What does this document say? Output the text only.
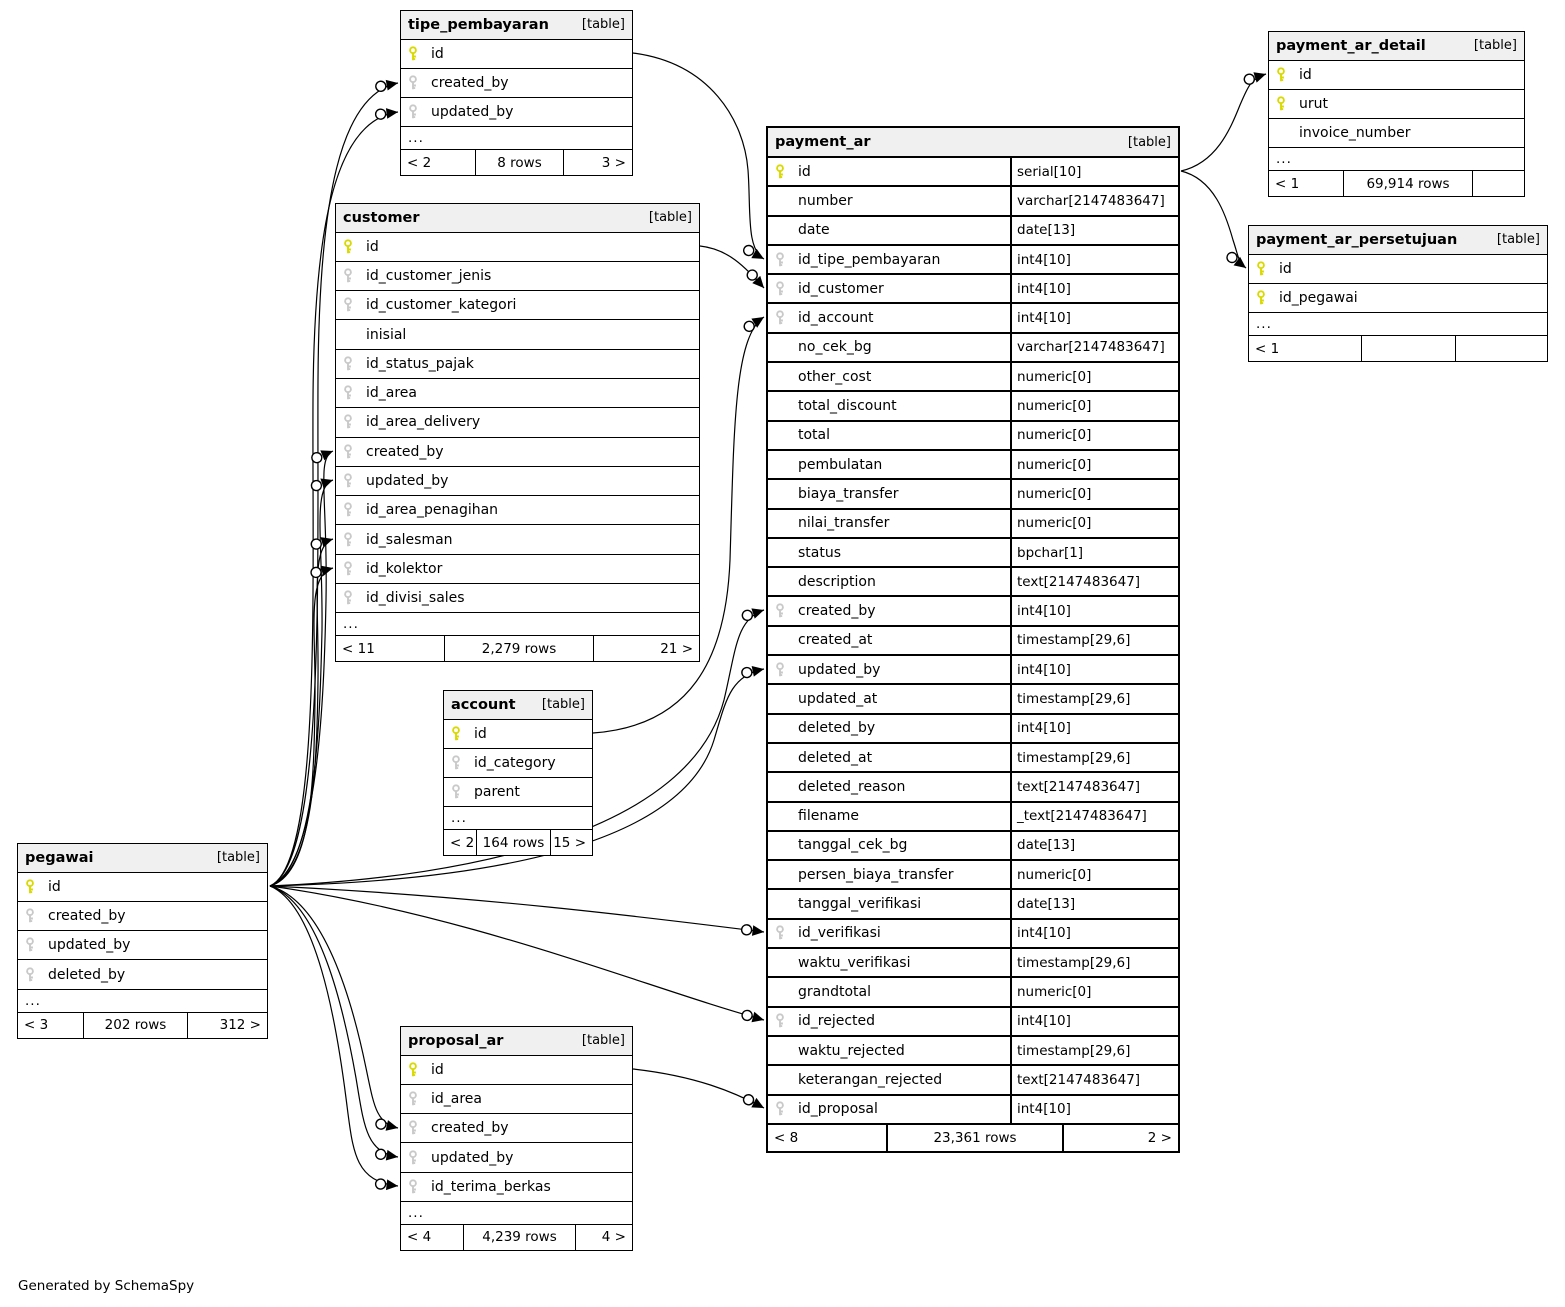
tipe_pembayaran	[table]
id
created_by
updated_by
...
< 2	8 rows	3 >
customer	[table]
id
id_customer_jenis
id_customer_kategori
inisial
id_status_pajak
id_area
id_area_delivery
created_by
updated_by
id_area_penagihan
id_salesman
id_kolektor
id_divisi_sales
...
< 11	2,279 rows	21 >
account [table]
id
id_category
parent
...
< 2 164 rows 15 >
pegawai	[table]
id
created_by
updated_by
deleted_by
...
< 3	202 rows	312 >
proposal_ar	[table]
id
id_area
created_by
updated_by
id_terima_berkas
...
< 4	4,239 rows	4 >
payment_ar	[table]
id	serial[10]
number	varchar[2147483647]
date	date[13]
id_tipe_pembayaran	int4[10]
id_customer	int4[10]
id_account	int4[10]
no_cek_bg	varchar[2147483647]
other_cost	numeric[0]
total_discount	numeric[0]
total	numeric[0]
pembulatan	numeric[0]
biaya_transfer	numeric[0]
nilai_transfer	numeric[0]
status	bpchar[1]
description	text[2147483647]
created_by	int4[10]
created_at	timestamp[29,6]
updated_by	int4[10]
updated_at	timestamp[29,6]
deleted_by	int4[10]
deleted_at	timestamp[29,6]
deleted_reason	text[2147483647]
filename	_text[2147483647]
tanggal_cek_bg	date[13]
persen_biaya_transfer	numeric[0]
tanggal_verifikasi	date[13]
id_verifikasi	int4[10]
waktu_verifikasi	timestamp[29,6]
grandtotal	numeric[0]
id_rejected	int4[10]
waktu_rejected	timestamp[29,6]
keterangan_rejected	text[2147483647]
id_proposal	int4[10]
< 8	23,361 rows	2 >
payment_ar_detail	[table]
id
urut
invoice_number
...
< 1	69,914 rows
payment_ar_persetujuan	[table]
id
id_pegawai
...
< 1
Generated by SchemaSpy
